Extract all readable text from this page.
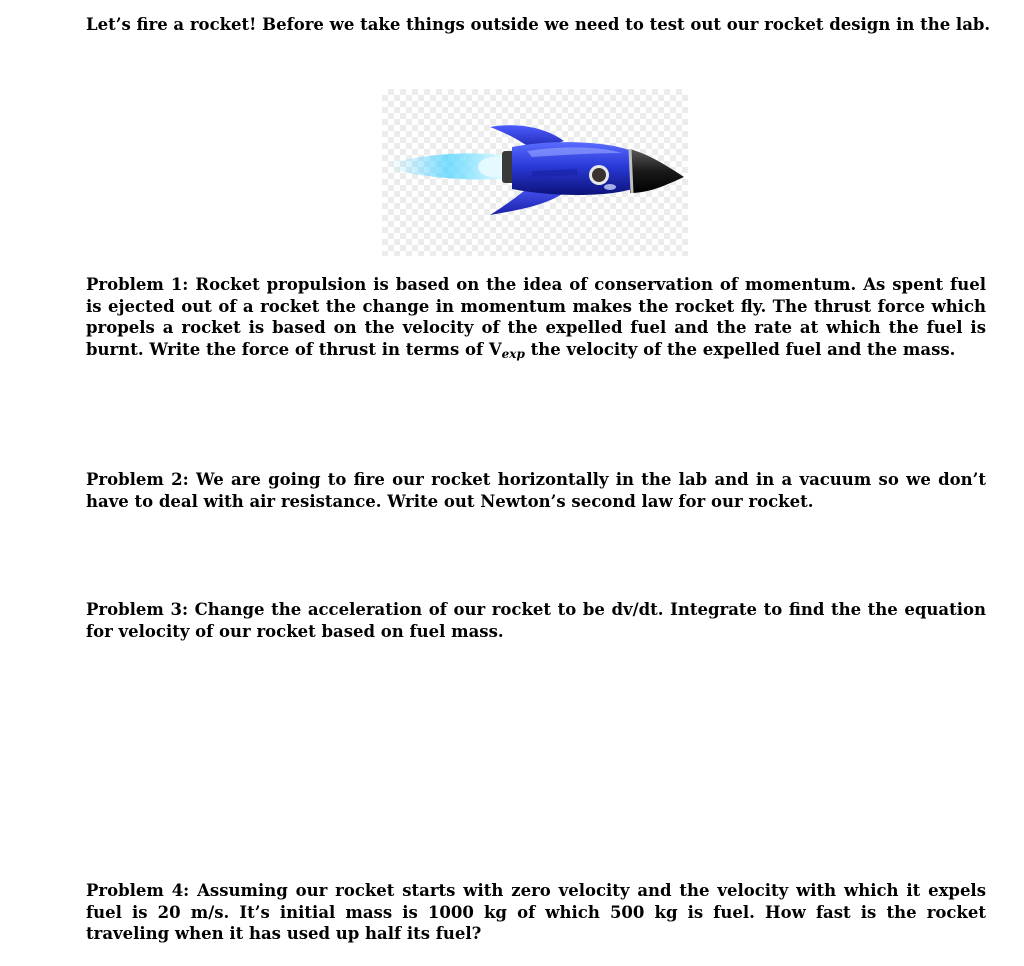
Let’s fire a rocket! Before we take things outside we need to test out our rocket design in the lab.
Problem 1: Rocket propulsion is based on the idea of conservation of momentum. As spent fuel is ejected out of a rocket the change in momentum makes the rocket fly. The thrust force which propels a rocket is based on the velocity of the expelled fuel and the rate at which the fuel is burnt. Write the force of thrust in terms of $V_{exp}$ the velocity of the expelled fuel and the mass.
Problem 2: We are going to fire our rocket horizontally in the lab and in a vacuum so we don’t have to deal with air resistance. Write out Newton’s second law for our rocket.
Problem 3: Change the acceleration of our rocket to be dv/dt. Integrate to find the the equation for velocity of our rocket based on fuel mass.
Problem 4: Assuming our rocket starts with zero velocity and the velocity with which it expels fuel is 20 m/s. It’s initial mass is 1000 kg of which 500 kg is fuel. How fast is the rocket traveling when it has used up half its fuel?
